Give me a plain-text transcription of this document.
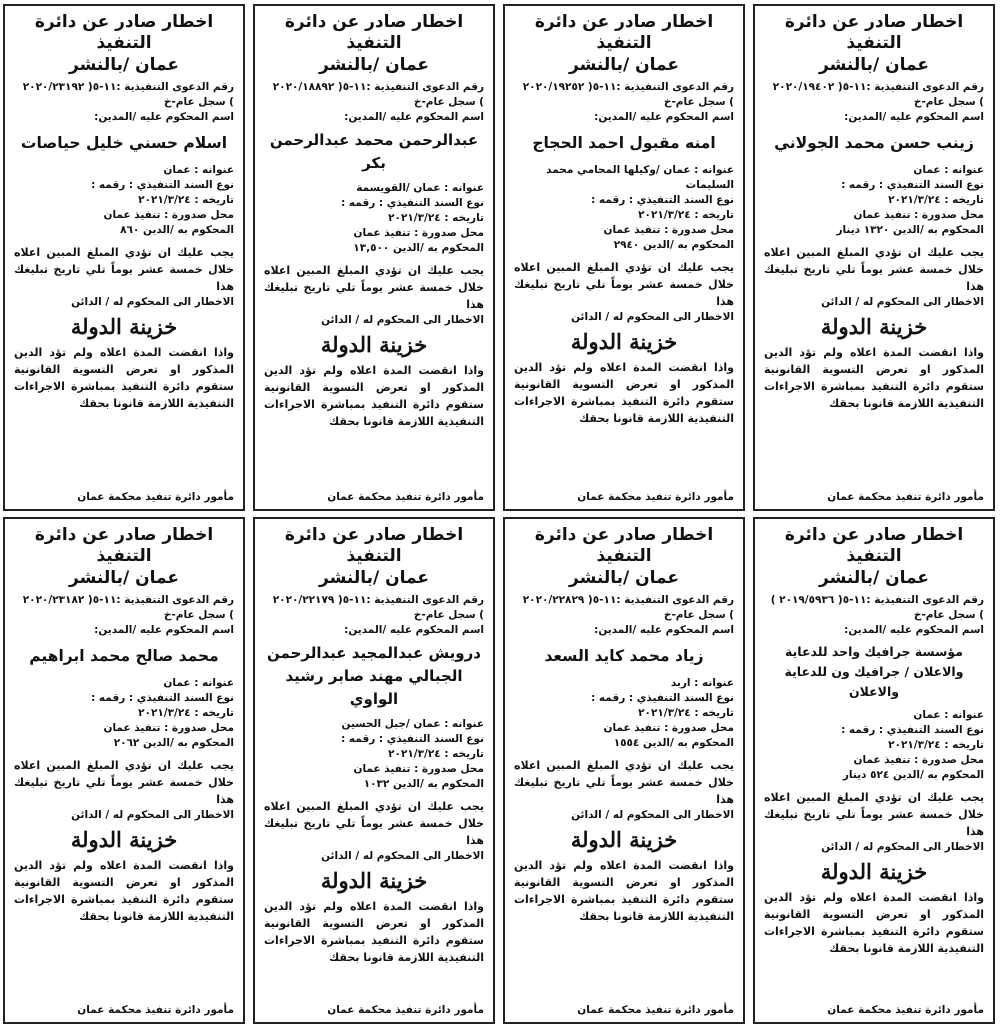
اخطار صادر عن دائرة التنفيذ
عمان /بالنشر
رقم الدعوى التنفيذية :١١-٥( ٢٠٢٠/٢٣١٩٢
) سجل عام-خ
اسم المحكوم عليه /المدين:
اسلام حسني خليل حياصات
عنوانه : عمان
نوع السند التنفيذي : رقمه :
تاريخه : ٢٠٢١/٣/٢٤
محل صدورة : تنفيذ عمان
المحكوم به /الدين ٨٦٠
يجب عليك ان تؤدي المبلغ المبين اعلاه خلال خمسة عشر يوماً تلي تاريخ تبليغك هذا
الاخطار الى المحكوم له / الدائن
خزينة الدولة
واذا انقضت المدة اعلاه ولم تؤد الدين المذكور او تعرض التسوية القانونية ستقوم دائرة التنفيذ بمباشرة الاجراءات التنفيذية اللازمة قانونا بحقك
مأمور دائرة تنفيذ محكمة عمان
اخطار صادر عن دائرة التنفيذ
عمان /بالنشر
رقم الدعوى التنفيذية :١١-٥( ٢٠٢٠/١٨٨٩٢
) سجل عام-خ
اسم المحكوم عليه /المدين:
عبدالرحمن محمد عبدالرحمن بكر
عنوانه : عمان /القويسمة
نوع السند التنفيذي : رقمه :
تاريخه : ٢٠٢١/٣/٢٤
محل صدورة : تنفيذ عمان
المحكوم به /الدين ١٣,٥٠٠
يجب عليك ان تؤدي المبلغ المبين اعلاه خلال خمسة عشر يوماً تلي تاريخ تبليغك هذا
الاخطار الى المحكوم له / الدائن
خزينة الدولة
واذا انقضت المدة اعلاه ولم تؤد الدين المذكور او تعرض التسوية القانونية ستقوم دائرة التنفيذ بمباشرة الاجراءات التنفيذية اللازمة قانونا بحقك
مأمور دائرة تنفيذ محكمة عمان
اخطار صادر عن دائرة التنفيذ
عمان /بالنشر
رقم الدعوى التنفيذية :١١-٥( ٢٠٢٠/١٩٢٥٢
) سجل عام-خ
اسم المحكوم عليه /المدين:
امنه مقبول احمد الحجاج
عنوانه : عمان /وكيلها المحامي محمد السليمات
نوع السند التنفيذي : رقمه :
تاريخه : ٢٠٢١/٣/٢٤
محل صدورة : تنفيذ عمان
المحكوم به /الدين ٢٩٤٠
يجب عليك ان تؤدي المبلغ المبين اعلاه خلال خمسة عشر يوماً تلي تاريخ تبليغك هذا
الاخطار الى المحكوم له / الدائن
خزينة الدولة
واذا انقضت المدة اعلاه ولم تؤد الدين المذكور او تعرض التسوية القانونية ستقوم دائرة التنفيذ بمباشرة الاجراءات التنفيذية اللازمة قانونا بحقك
مأمور دائرة تنفيذ محكمة عمان
اخطار صادر عن دائرة التنفيذ
عمان /بالنشر
رقم الدعوى التنفيذية :١١-٥( ٢٠٢٠/١٩٤٠٢
) سجل عام-خ
اسم المحكوم عليه /المدين:
زينب حسن محمد الجولاني
عنوانه : عمان
نوع السند التنفيذي : رقمه :
تاريخه : ٢٠٢١/٣/٢٤
محل صدورة : تنفيذ عمان
المحكوم به /الدين ١٣٢٠ دينار
يجب عليك ان تؤدي المبلغ المبين اعلاه خلال خمسة عشر يوماً تلي تاريخ تبليغك هذا
الاخطار الى المحكوم له / الدائن
خزينة الدولة
واذا انقضت المدة اعلاه ولم تؤد الدين المذكور او تعرض التسوية القانونية ستقوم دائرة التنفيذ بمباشرة الاجراءات التنفيذية اللازمة قانونا بحقك
مأمور دائرة تنفيذ محكمة عمان
اخطار صادر عن دائرة التنفيذ
عمان /بالنشر
رقم الدعوى التنفيذية :١١-٥( ٢٠٢٠/٢٣١٨٢
) سجل عام-خ
اسم المحكوم عليه /المدين:
محمد صالح محمد ابراهيم
عنوانه : عمان
نوع السند التنفيذي : رقمه :
تاريخه : ٢٠٢١/٣/٢٤
محل صدورة : تنفيذ عمان
المحكوم به /الدين ٢٠٦٢
يجب عليك ان تؤدي المبلغ المبين اعلاه خلال خمسة عشر يوماً تلي تاريخ تبليغك هذا
الاخطار الى المحكوم له / الدائن
خزينة الدولة
واذا انقضت المدة اعلاه ولم تؤد الدين المذكور او تعرض التسوية القانونية ستقوم دائرة التنفيذ بمباشرة الاجراءات التنفيذية اللازمة قانونا بحقك
مأمور دائرة تنفيذ محكمة عمان
اخطار صادر عن دائرة التنفيذ
عمان /بالنشر
رقم الدعوى التنفيذية :١١-٥( ٢٠٢٠/٢٢١٧٩
) سجل عام-خ
اسم المحكوم عليه /المدين:
درويش عبدالمجيد عبدالرحمن الجبالي مهند صابر رشيد الواوي
عنوانه : عمان /جبل الحسين
نوع السند التنفيذي : رقمه :
تاريخه : ٢٠٢١/٣/٢٤
محل صدورة : تنفيذ عمان
المحكوم به /الدين ١٠٣٢
يجب عليك ان تؤدي المبلغ المبين اعلاه خلال خمسة عشر يوماً تلي تاريخ تبليغك هذا
الاخطار الى المحكوم له / الدائن
خزينة الدولة
واذا انقضت المدة اعلاه ولم تؤد الدين المذكور او تعرض التسوية القانونية ستقوم دائرة التنفيذ بمباشرة الاجراءات التنفيذية اللازمة قانونا بحقك
مأمور دائرة تنفيذ محكمة عمان
اخطار صادر عن دائرة التنفيذ
عمان /بالنشر
رقم الدعوى التنفيذية :١١-٥( ٢٠٢٠/٢٢٨٢٩
) سجل عام-خ
اسم المحكوم عليه /المدين:
زياد محمد كايد السعد
عنوانه : اربد
نوع السند التنفيذي : رقمه :
تاريخه : ٢٠٢١/٣/٢٤
محل صدورة : تنفيذ عمان
المحكوم به /الدين ١٥٥٤
يجب عليك ان تؤدي المبلغ المبين اعلاه خلال خمسة عشر يوماً تلي تاريخ تبليغك هذا
الاخطار الى المحكوم له / الدائن
خزينة الدولة
واذا انقضت المدة اعلاه ولم تؤد الدين المذكور او تعرض التسوية القانونية ستقوم دائرة التنفيذ بمباشرة الاجراءات التنفيذية اللازمة قانونا بحقك
مأمور دائرة تنفيذ محكمة عمان
اخطار صادر عن دائرة التنفيذ
عمان /بالنشر
رقم الدعوى التنفيذية :١١-٥( ٢٠١٩/٥٩٣٦ )
) سجل عام-خ
اسم المحكوم عليه /المدين:
مؤسسة جرافيك واحد للدعاية والاعلان / جرافيك ون للدعاية والاعلان
عنوانه : عمان
نوع السند التنفيذي : رقمه :
تاريخه : ٢٠٢١/٣/٢٤
محل صدورة : تنفيذ عمان
المحكوم به /الدين ٥٢٤ دينار
يجب عليك ان تؤدي المبلغ المبين اعلاه خلال خمسة عشر يوماً تلي تاريخ تبليغك هذا
الاخطار الى المحكوم له / الدائن
خزينة الدولة
واذا انقضت المدة اعلاه ولم تؤد الدين المذكور او تعرض التسوية القانونية ستقوم دائرة التنفيذ بمباشرة الاجراءات التنفيذية اللازمة قانونا بحقك
مأمور دائرة تنفيذ محكمة عمان
